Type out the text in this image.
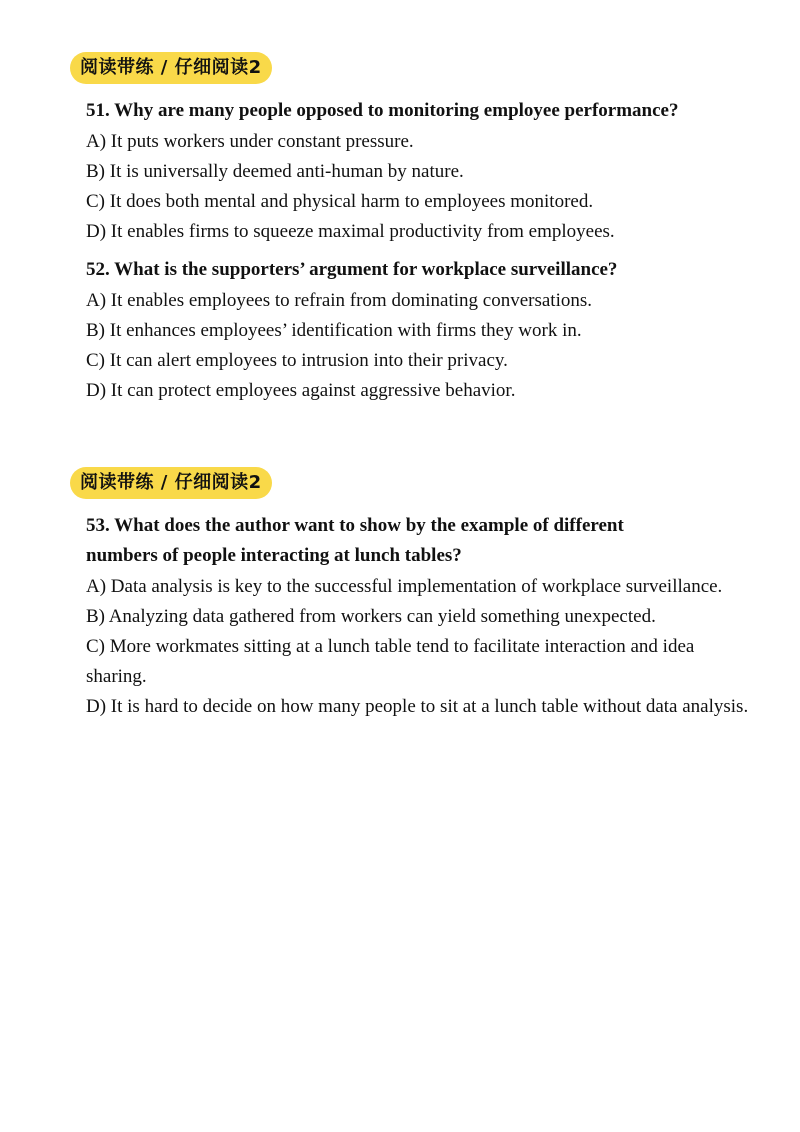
阅读带练 / 仔细阅读2

51. Why are many people opposed to monitoring employee performance?

A) It puts workers under constant pressure.

B) It is universally deemed anti-human by nature.

C) It does both mental and physical harm to employees monitored.

D) It enables firms to squeeze maximal productivity from employees.

52. What is the supporters’ argument for workplace surveillance?

A) It enables employees to refrain from dominating conversations.

B) It enhances employees’ identification with firms they work in.

C) It can alert employees to intrusion into their privacy.

D) It can protect employees against aggressive behavior.

阅读带练 / 仔细阅读2

53. What does the author want to show by the example of different

numbers of people interacting at lunch tables?

A) Data analysis is key to the successful implementation of workplace surveillance.

B) Analyzing data gathered from workers can yield something unexpected.

C) More workmates sitting at a lunch table tend to facilitate interaction and idea sharing.

D) It is hard to decide on how many people to sit at a lunch table without data analysis.
